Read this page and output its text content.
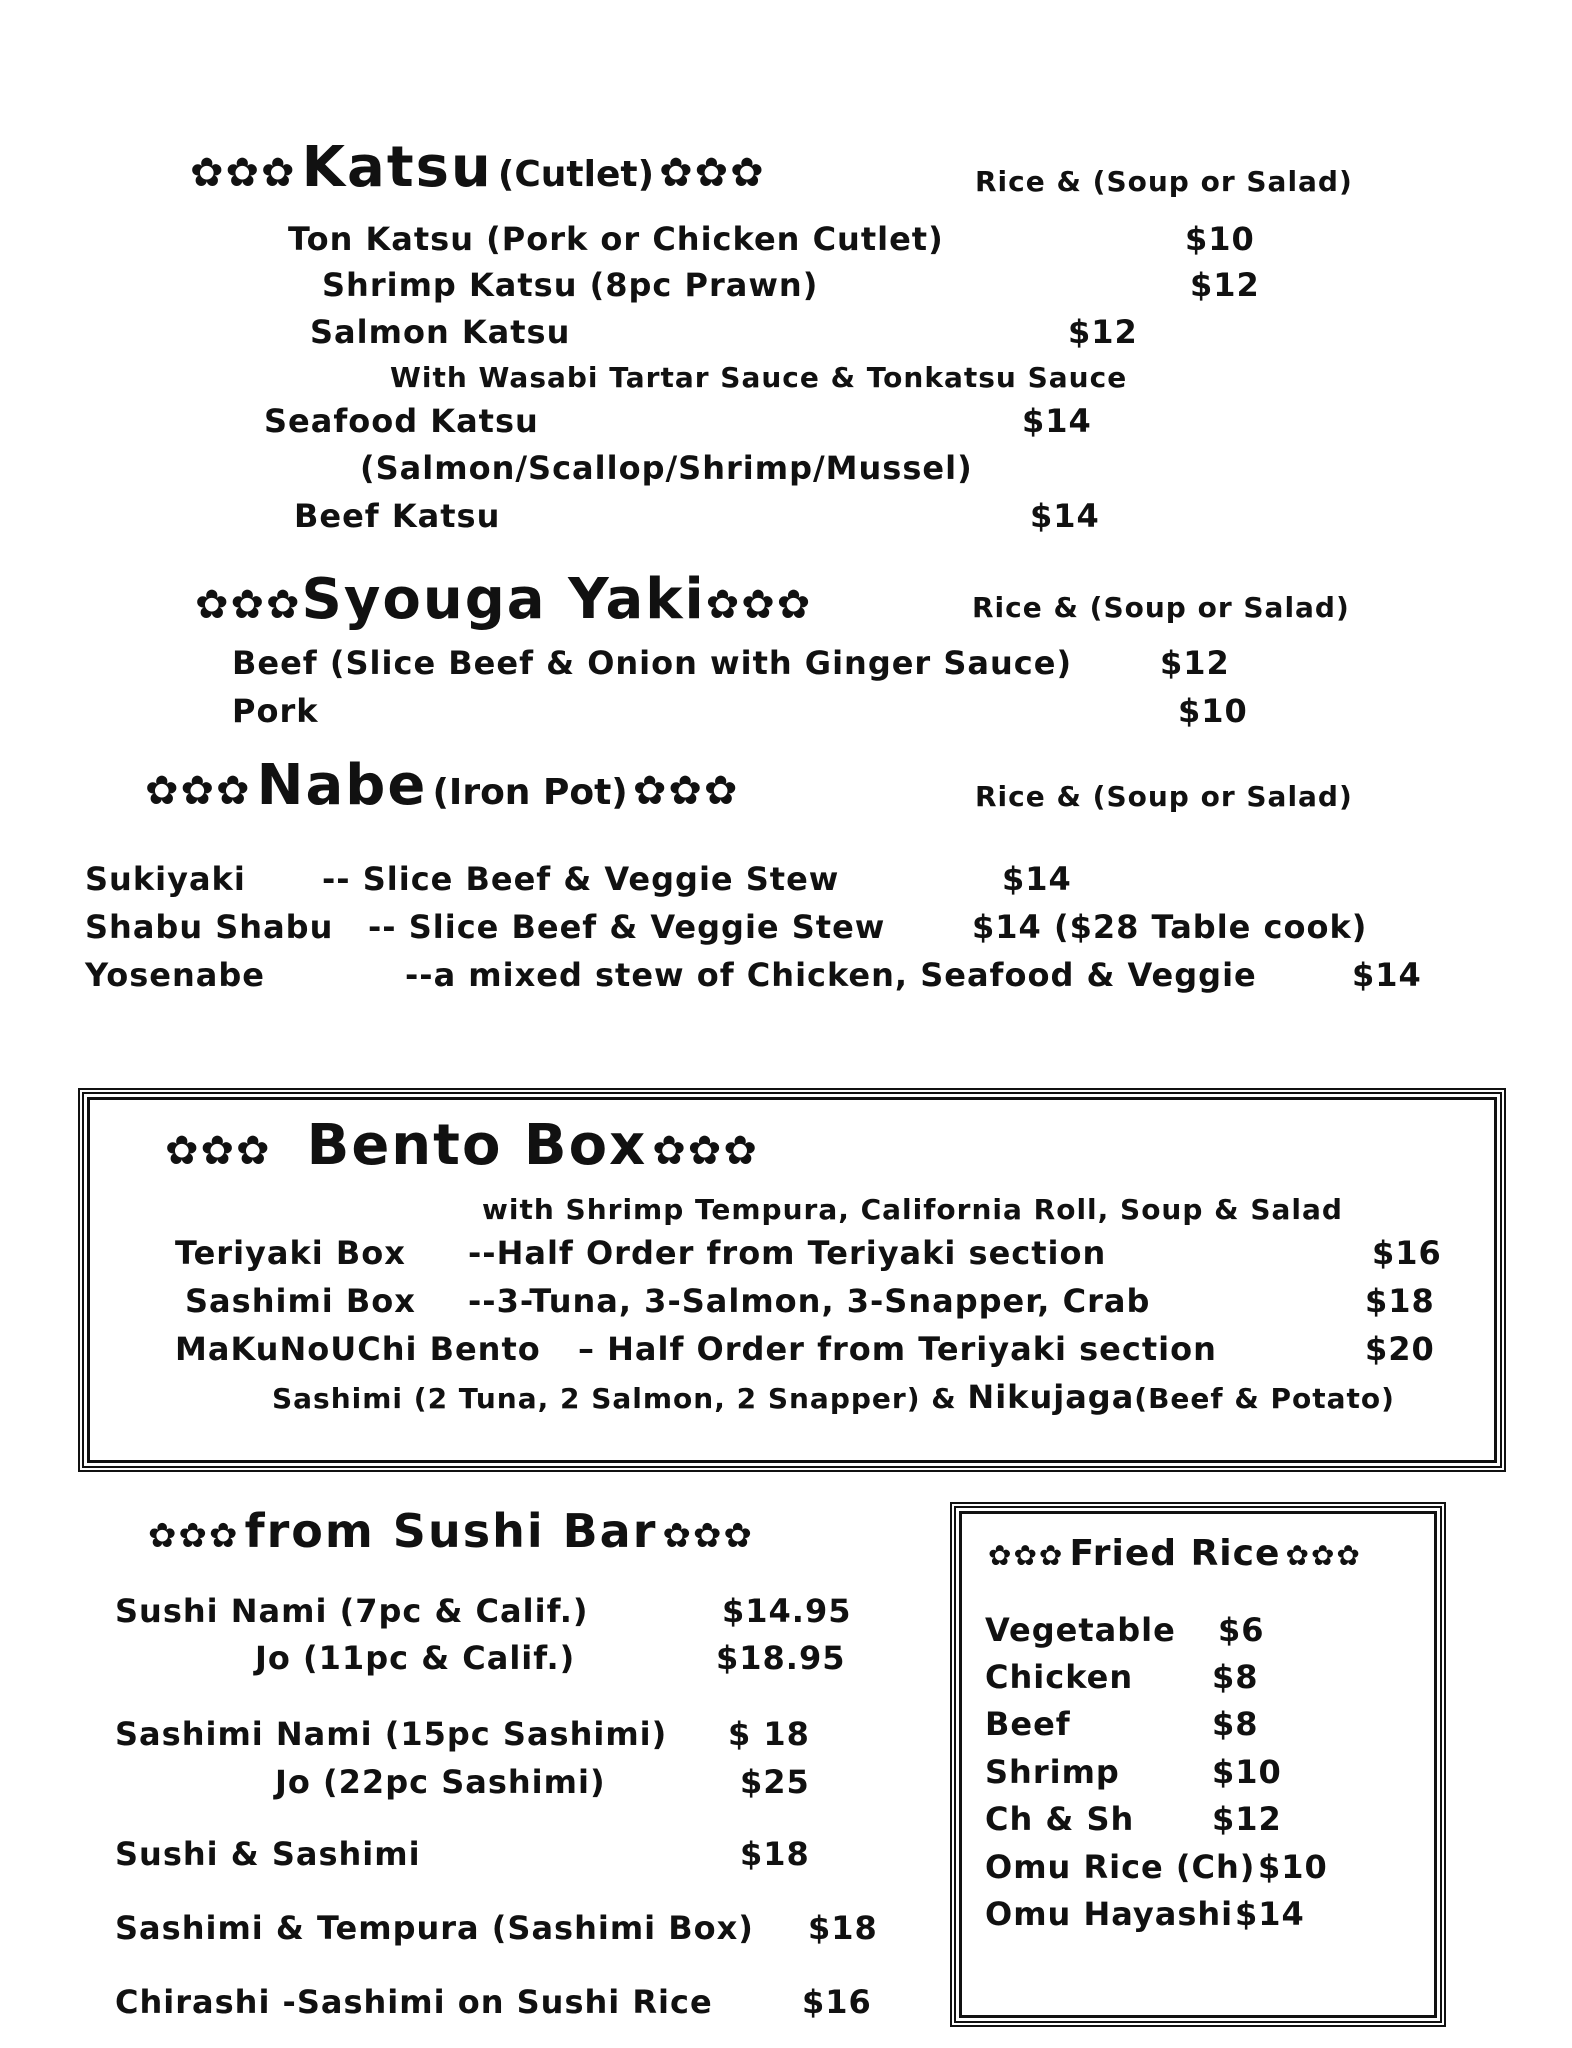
✿✿✿ Katsu (Cutlet) ✿✿✿	Rice & (Soup or Salad)
Ton Katsu (Pork or Chicken Cutlet)	$10
Shrimp Katsu (8pc Prawn)	$12
Salmon Katsu	$12
With Wasabi Tartar Sauce & Tonkatsu Sauce
Seafood Katsu	$14
(Salmon/Scallop/Shrimp/Mussel)
Beef Katsu	$14
✿✿✿Syouga Yaki✿✿✿	Rice & (Soup or Salad)
Beef (Slice Beef & Onion with Ginger Sauce)	$12
Pork	$10
✿✿✿ Nabe (Iron Pot) ✿✿✿	Rice & (Soup or Salad)
Sukiyaki -- Slice Beef & Veggie Stew	$14
Shabu Shabu -- Slice Beef & Veggie Stew	$14 ($28 Table cook)
Yosenabe	--a mixed stew of Chicken, Seafood & Veggie	$14
✿✿✿ Bento Box ✿✿✿
with Shrimp Tempura, California Roll, Soup & Salad
Teriyaki Box --Half Order from Teriyaki section	$16
Sashimi Box --3-Tuna, 3-Salmon, 3-Snapper, Crab	$18
MaKuNoUChi Bento – Half Order from Teriyaki section	$20
Sashimi (2 Tuna, 2 Salmon, 2 Snapper) & Nikujaga(Beef & Potato)
✿✿✿ from Sushi Bar ✿✿✿
Sushi Nami (7pc & Calif.)	$14.95
Jo (11pc & Calif.)	$18.95
Sashimi Nami (15pc Sashimi) $ 18
Jo (22pc Sashimi)	$25
Sushi & Sashimi	$18
Sashimi & Tempura (Sashimi Box) $18
Chirashi -Sashimi on Sushi Rice	$16
✿✿✿ Fried Rice ✿✿✿
Vegetable $6
Chicken $8
Beef	$8
Shrimp	$10
Ch & Sh $12
Omu Rice (Ch) $10
Omu Hayashi $14
